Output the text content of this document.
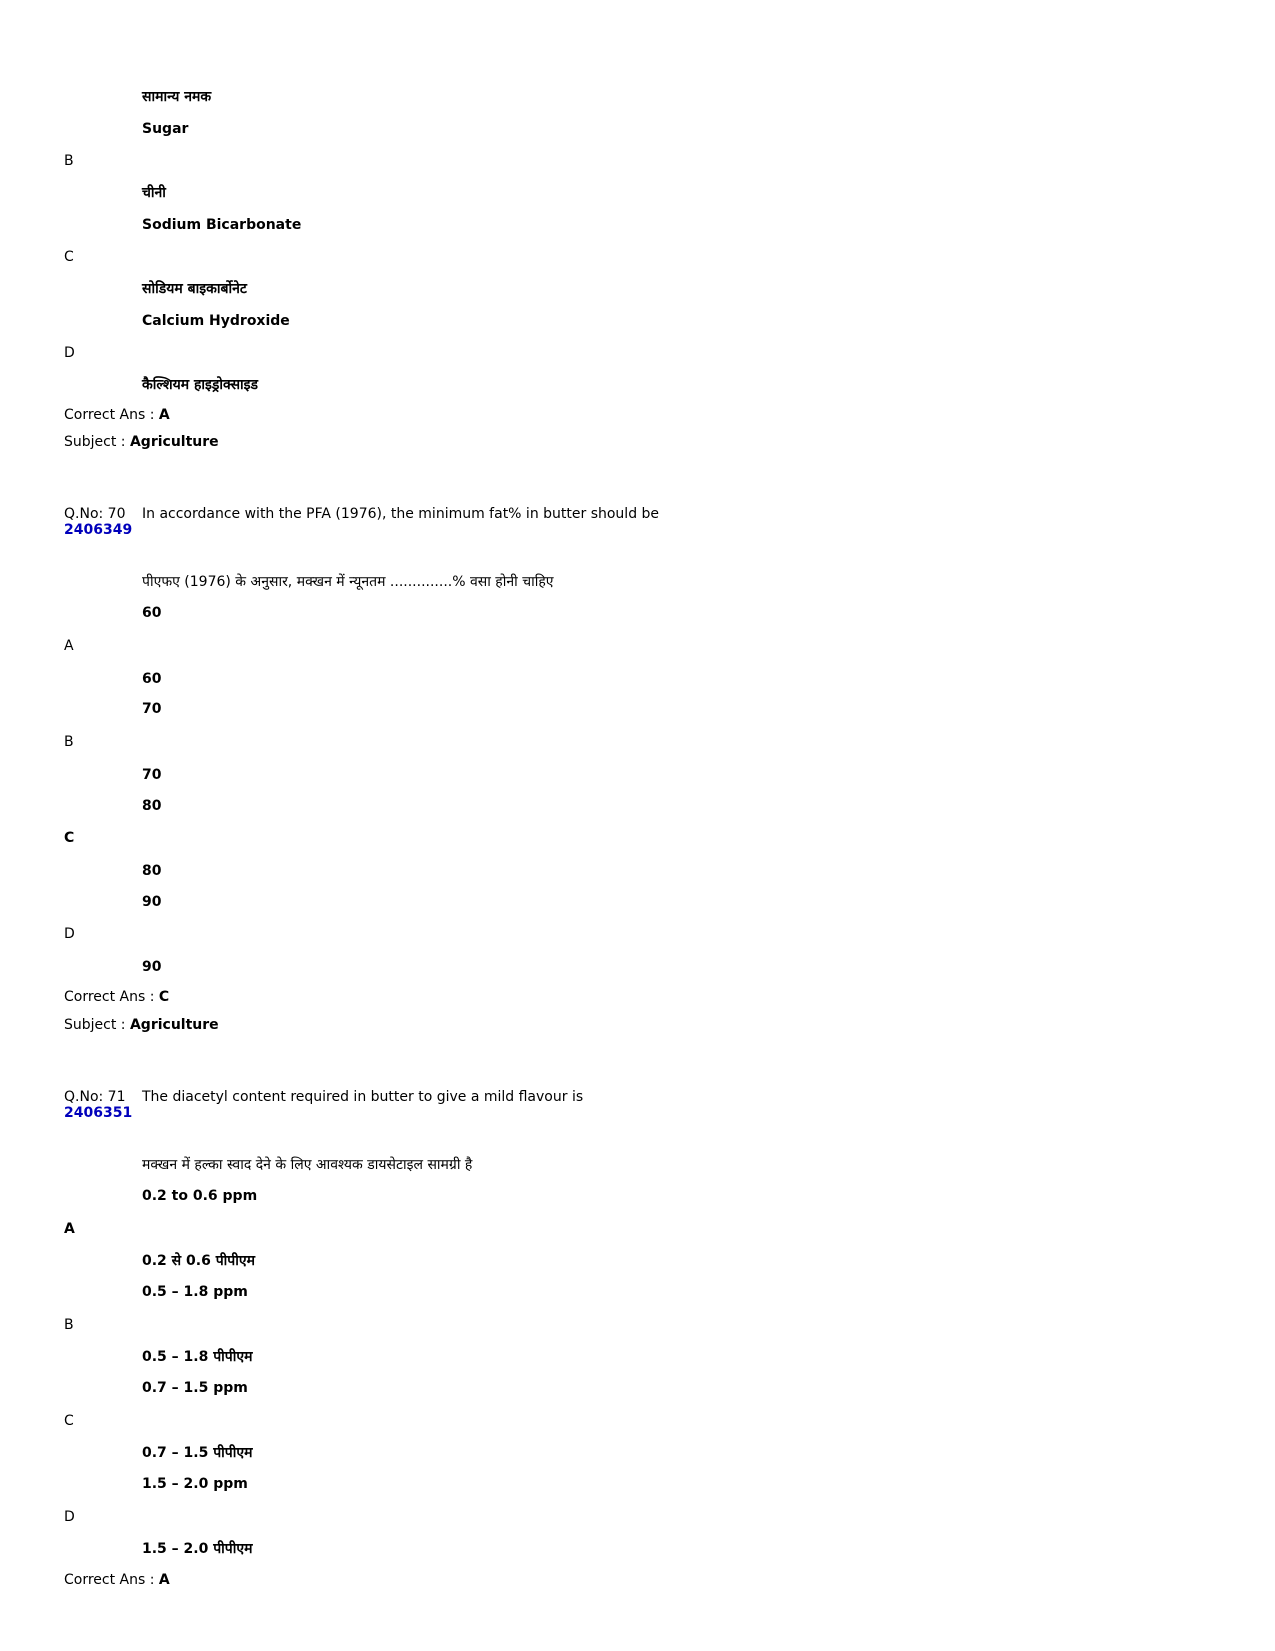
सामान्य नमक
Sugar
B
चीनी
Sodium Bicarbonate
C
सोडियम बाइकार्बोनेट
Calcium Hydroxide
D
कैल्शियम हाइड्रोक्साइड
Correct Ans : A
Subject : Agriculture
Q.No: 70
2406349
In accordance with the PFA (1976), the minimum fat% in butter should be
पीएफए (1976) के अनुसार, मक्खन में न्यूनतम ..............% वसा होनी चाहिए
60
A
60
70
B
70
80
C
80
90
D
90
Correct Ans : C
Subject : Agriculture
Q.No: 71
2406351
The diacetyl content required in butter to give a mild flavour is
मक्खन में हल्का स्वाद देने के लिए आवश्यक डायसेटाइल सामग्री है
0.2 to 0.6 ppm
A
0.2 से 0.6 पीपीएम
0.5 – 1.8 ppm
B
0.5 – 1.8 पीपीएम
0.7 – 1.5 ppm
C
0.7 – 1.5 पीपीएम
1.5 – 2.0 ppm
D
1.5 – 2.0 पीपीएम
Correct Ans : A
